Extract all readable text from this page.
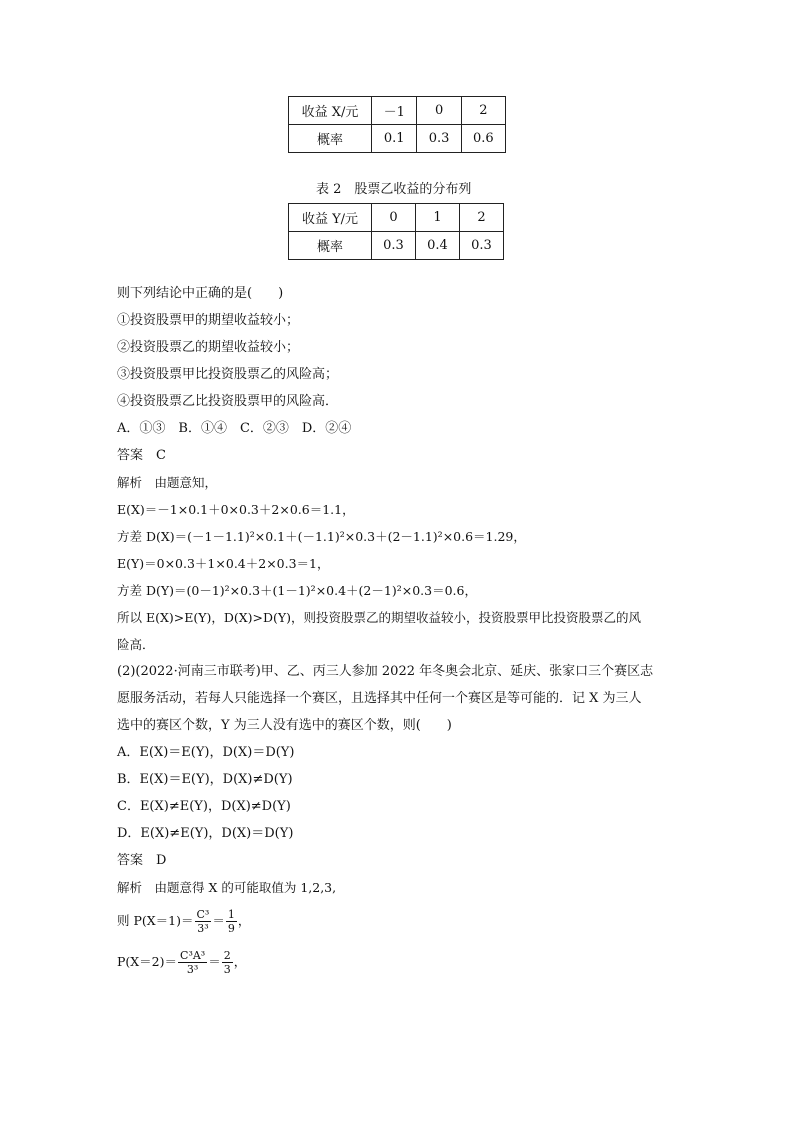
收益 X/元	－1	0	2
概率	0.1	0.3	0.6
表 2　股票乙收益的分布列
收益 Y/元	0	1	2
概率	0.3	0.4	0.3
则下列结论中正确的是(　　)
①投资股票甲的期望收益较小；
②投资股票乙的期望收益较小；
③投资股票甲比投资股票乙的风险高；
④投资股票乙比投资股票甲的风险高．
A．①③　B．①④　C．②③　D．②④
答案　C
解析　由题意知，
E(X)＝－1×0.1＋0×0.3＋2×0.6＝1.1，
方差 D(X)＝(－1－1.1)²×0.1＋(－1.1)²×0.3＋(2－1.1)²×0.6＝1.29，
E(Y)＝0×0.3＋1×0.4＋2×0.3＝1，
方差 D(Y)＝(0－1)²×0.3＋(1－1)²×0.4＋(2－1)²×0.3＝0.6，
所以 E(X)>E(Y)，D(X)>D(Y)，则投资股票乙的期望收益较小，投资股票甲比投资股票乙的风
险高．
(2)(2022·河南三市联考)甲、乙、丙三人参加 2022 年冬奥会北京、延庆、张家口三个赛区志
愿服务活动，若每人只能选择一个赛区，且选择其中任何一个赛区是等可能的．记 X 为三人
选中的赛区个数，Y 为三人没有选中的赛区个数，则(　　)
A．E(X)＝E(Y)，D(X)＝D(Y)
B．E(X)＝E(Y)，D(X)≠D(Y)
C．E(X)≠E(Y)，D(X)≠D(Y)
D．E(X)≠E(Y)，D(X)＝D(Y)
答案　D
解析　由题意得 X 的可能取值为 1,2,3,
则 $P(X=1)= \frac{\text{C³}}{\text{3³}} = \frac{1}{9}$ ，
$P(X=2)= \frac{\text{C³A³}}{\text{3³}} = \frac{2}{3}$ ，
